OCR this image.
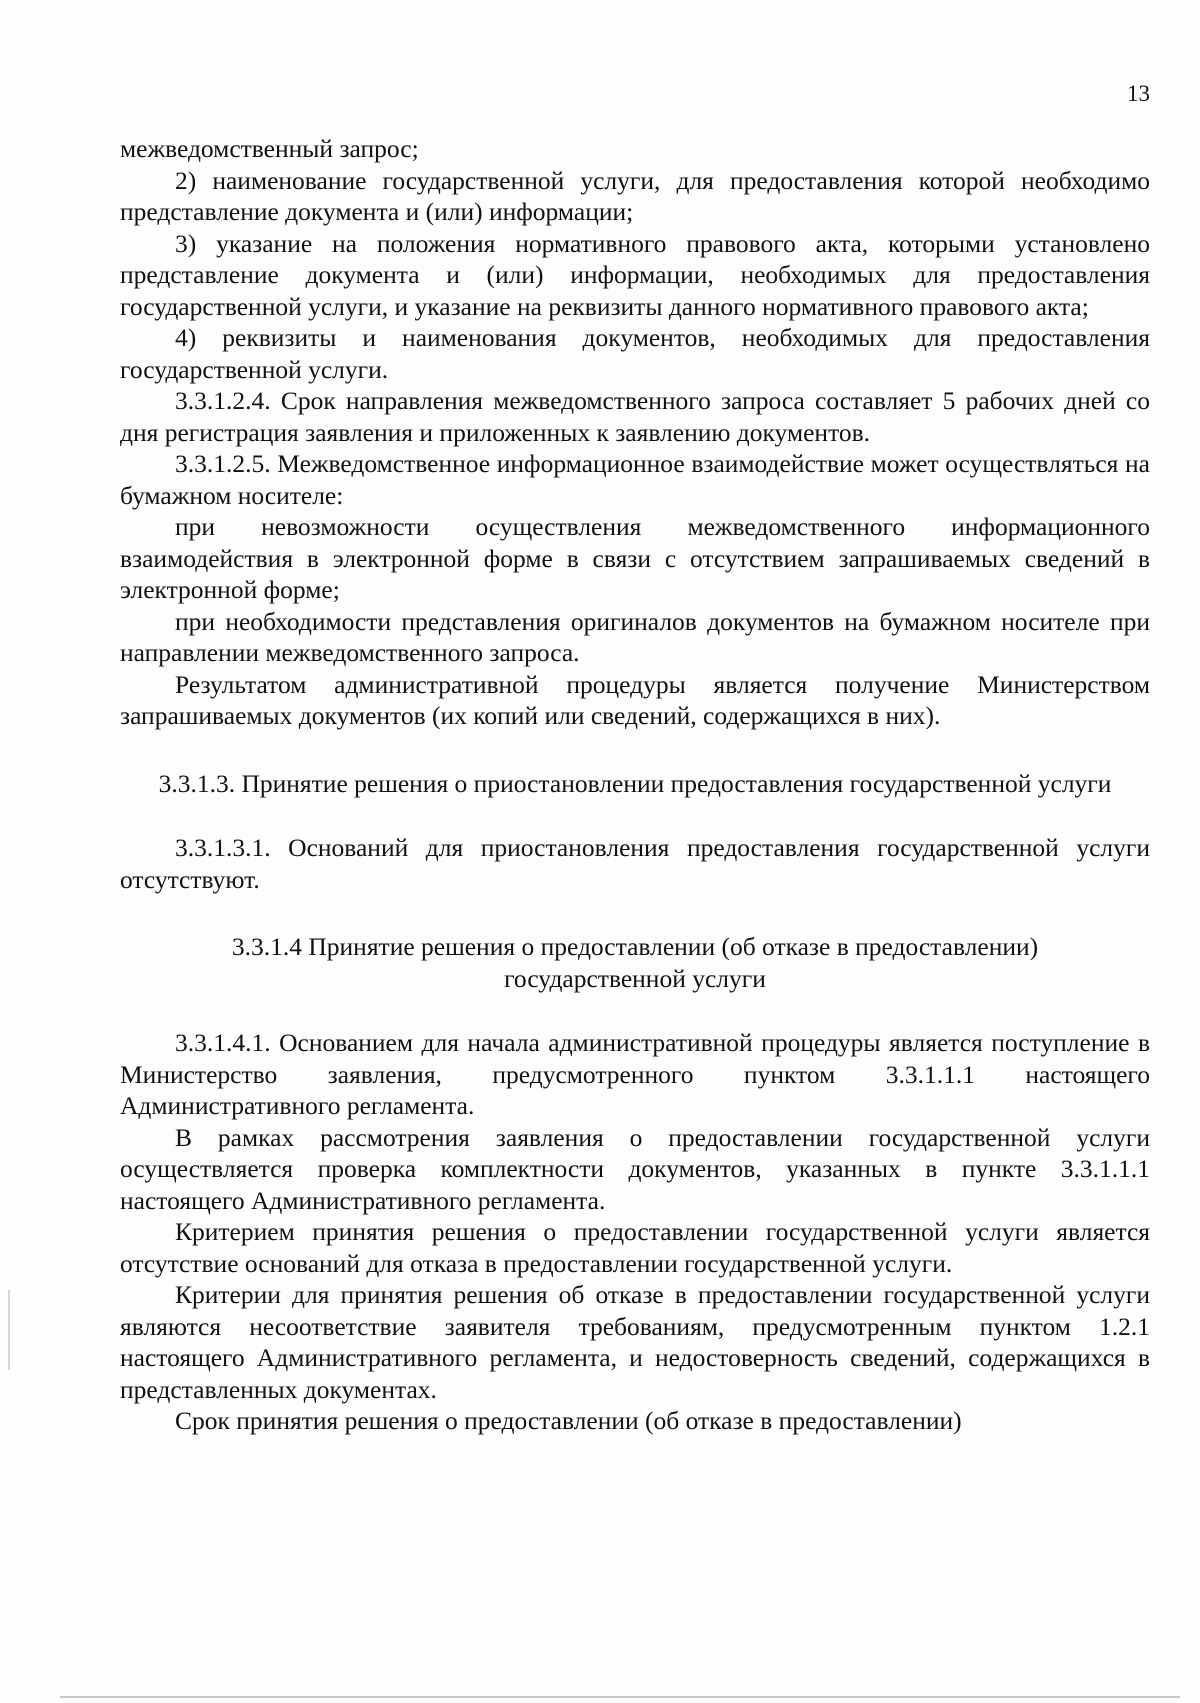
13

межведомственный запрос;

2) наименование государственной услуги, для предоставления которой необходимо представление документа и (или) информации;

3) указание на положения нормативного правового акта, которыми установлено представление документа и (или) информации, необходимых для предоставления государственной услуги, и указание на реквизиты данного нормативного правового акта;

4) реквизиты и наименования документов, необходимых для предоставления государственной услуги.

3.3.1.2.4. Срок направления межведомственного запроса составляет 5 рабочих дней со дня регистрация заявления и приложенных к заявлению документов.

3.3.1.2.5. Межведомственное информационное взаимодействие может осуществляться на бумажном носителе:

при невозможности осуществления межведомственного информационного взаимодействия в электронной форме в связи с отсутствием запрашиваемых сведений в электронной форме;

при необходимости представления оригиналов документов на бумажном носителе при направлении межведомственного запроса.

Результатом административной процедуры является получение Министерством запрашиваемых документов (их копий или сведений, содержащихся в них).

3.3.1.3. Принятие решения о приостановлении предоставления государственной услуги

3.3.1.3.1. Оснований для приостановления предоставления государственной услуги отсутствуют.

3.3.1.4 Принятие решения о предоставлении (об отказе в предоставлении) государственной услуги

3.3.1.4.1. Основанием для начала административной процедуры является поступление в Министерство заявления, предусмотренного пунктом 3.3.1.1.1 настоящего Административного регламента.

В рамках рассмотрения заявления о предоставлении государственной услуги осуществляется проверка комплектности документов, указанных в пункте 3.3.1.1.1 настоящего Административного регламента.

Критерием принятия решения о предоставлении государственной услуги является отсутствие оснований для отказа в предоставлении государственной услуги.

Критерии для принятия решения об отказе в предоставлении государственной услуги являются несоответствие заявителя требованиям, предусмотренным пунктом 1.2.1 настоящего Административного регламента, и недостоверность сведений, содержащихся в представленных документах.

Срок принятия решения о предоставлении (об отказе в предоставлении)
